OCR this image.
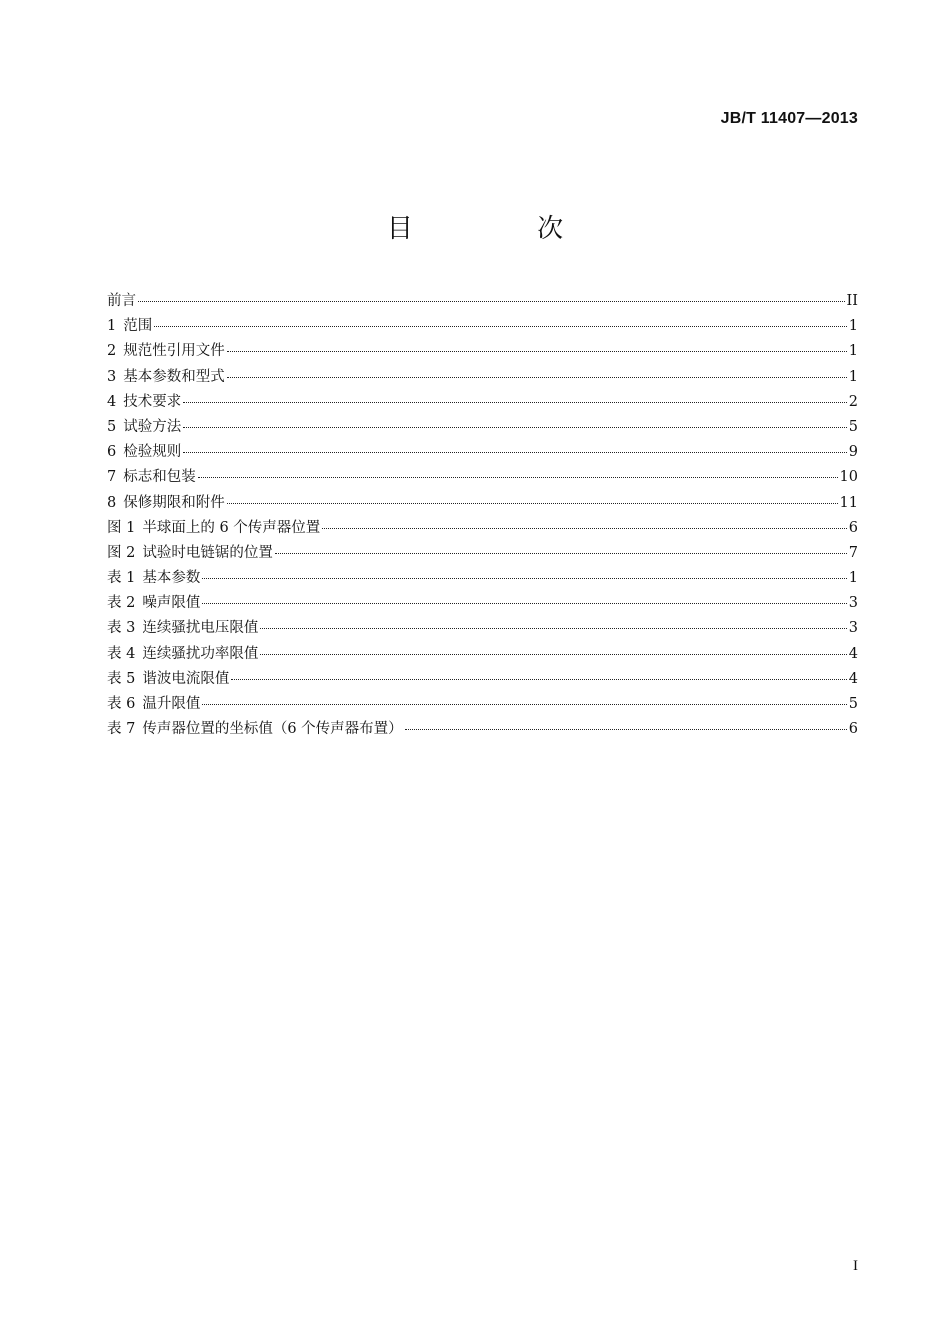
JB/T 11407—2013
目 次
前言	II
1 范围	1
2 规范性引用文件	1
3 基本参数和型式	1
4 技术要求	2
5 试验方法	5
6 检验规则	9
7 标志和包装	10
8 保修期限和附件	11
图 1 半球面上的 6 个传声器位置	6
图 2 试验时电链锯的位置	7
表 1 基本参数	1
表 2 噪声限值	3
表 3 连续骚扰电压限值	3
表 4 连续骚扰功率限值	4
表 5 谐波电流限值	4
表 6 温升限值	5
表 7 传声器位置的坐标值（6 个传声器布置）	6
I
